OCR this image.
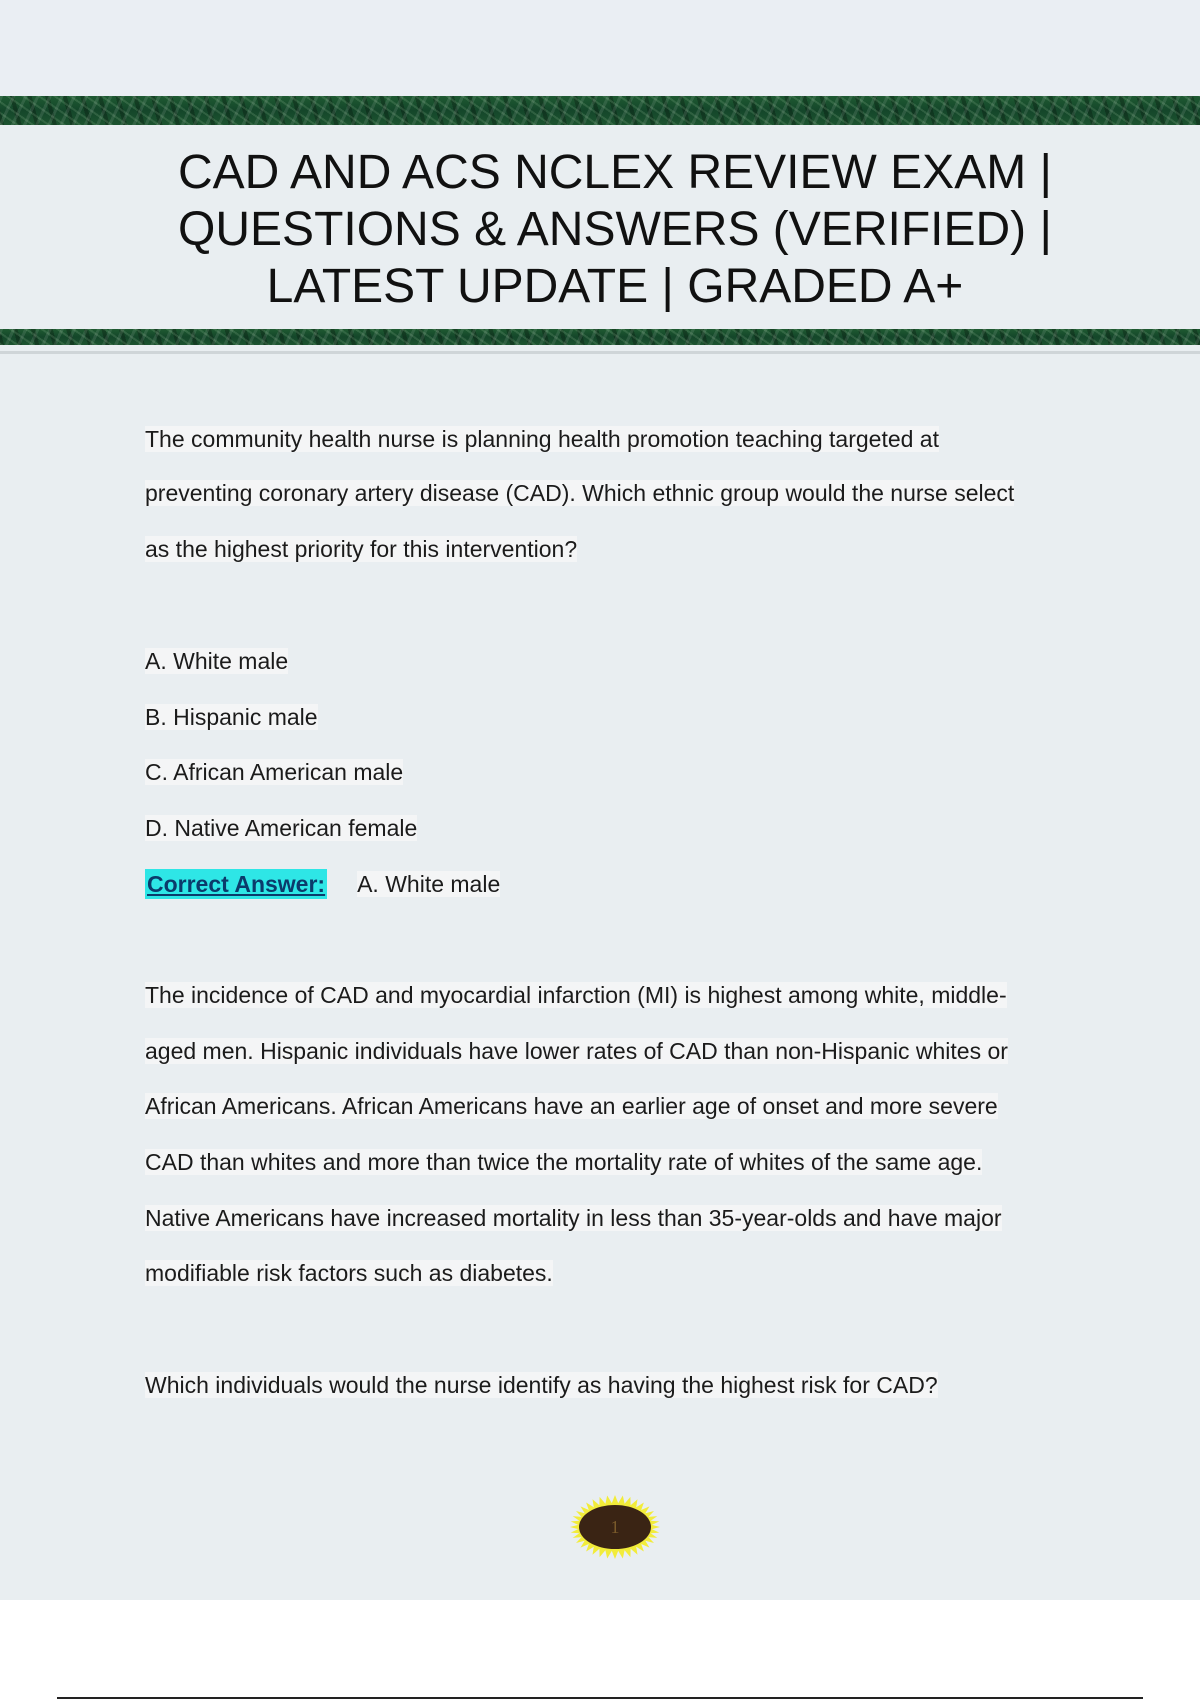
CAD AND ACS NCLEX REVIEW EXAM |
QUESTIONS & ANSWERS (VERIFIED) |
LATEST UPDATE | GRADED A+

The community health nurse is planning health promotion teaching targeted at

preventing coronary artery disease (CAD). Which ethnic group would the nurse select

as the highest priority for this intervention?

A. White male

B. Hispanic male

C. African American male

D. Native American female

Correct Answer: A. White male

The incidence of CAD and myocardial infarction (MI) is highest among white, middle-

aged men. Hispanic individuals have lower rates of CAD than non-Hispanic whites or

African Americans. African Americans have an earlier age of onset and more severe

CAD than whites and more than twice the mortality rate of whites of the same age.

Native Americans have increased mortality in less than 35-year-olds and have major

modifiable risk factors such as diabetes.

Which individuals would the nurse identify as having the highest risk for CAD?

1
